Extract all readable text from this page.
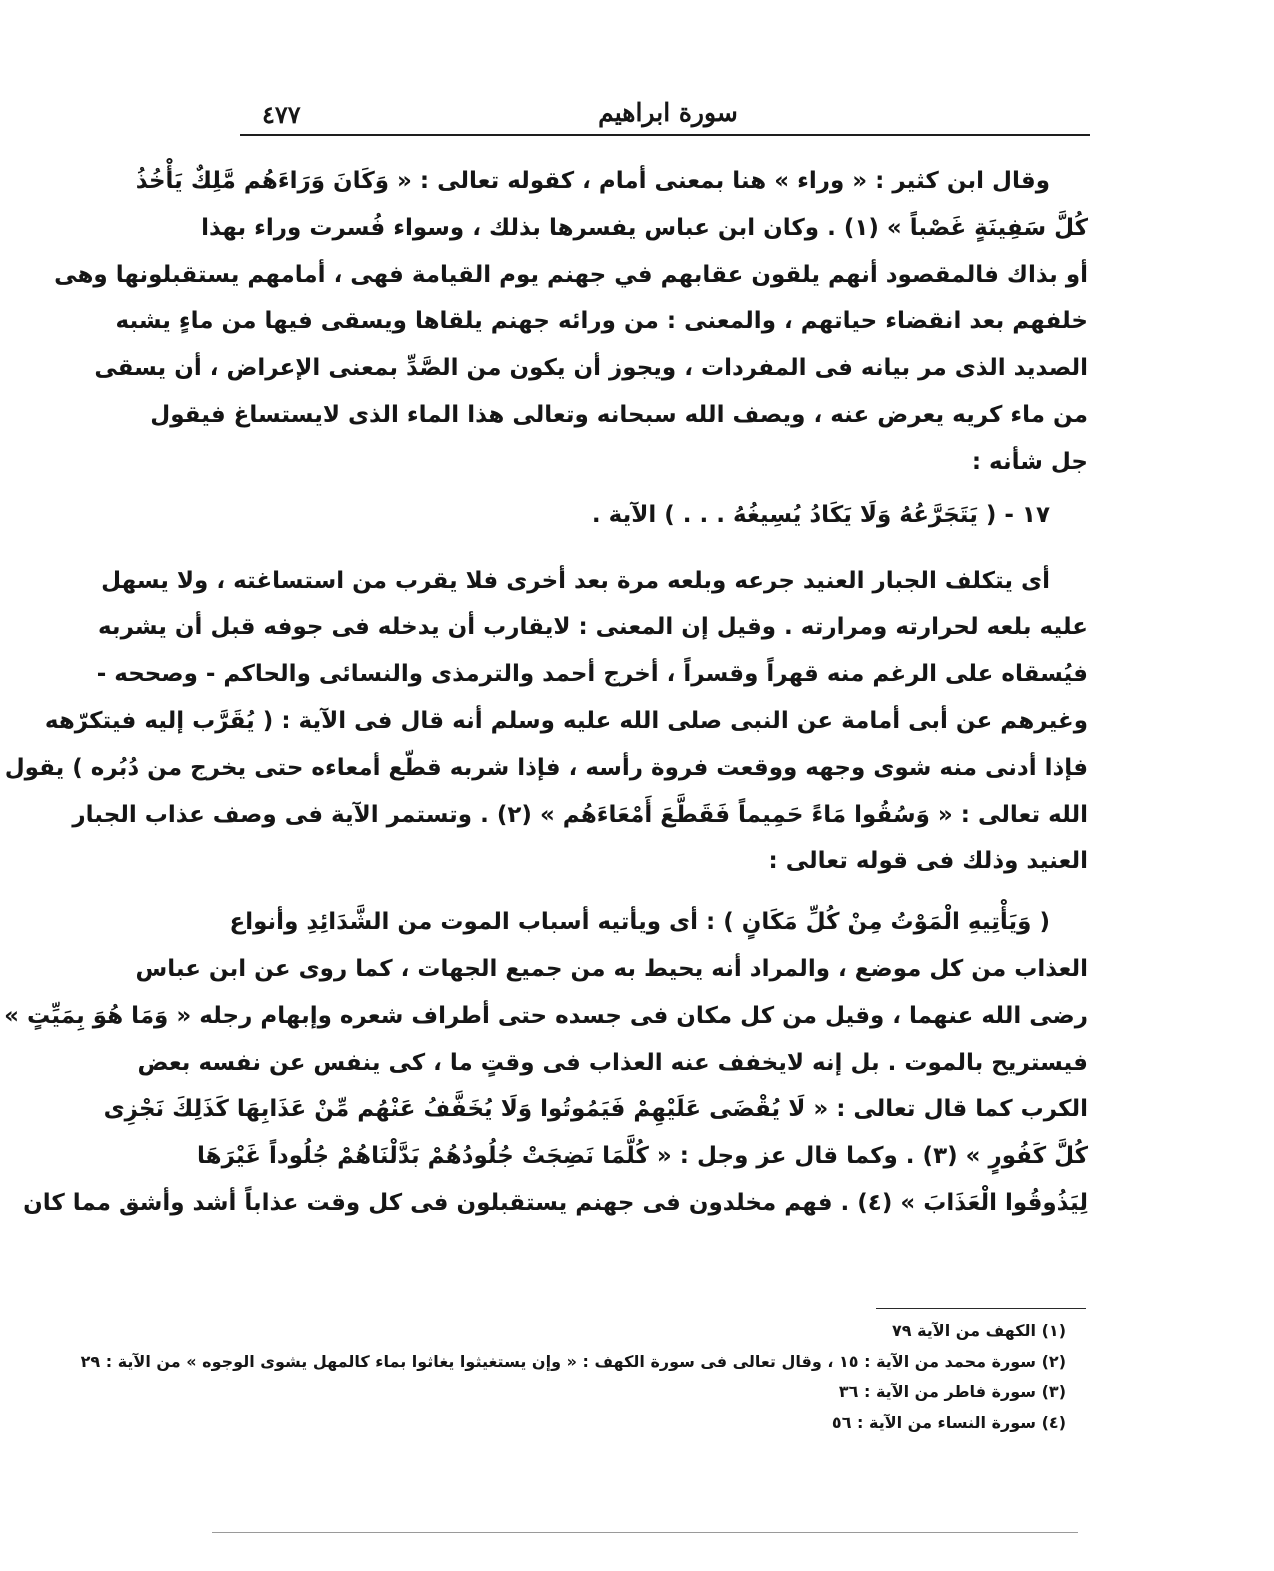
٤٧٧	سورة ابراهيم
وقال ابن كثير : « وراء » هنا بمعنى أمام ، كقوله تعالى : « وَكَانَ وَرَاءَهُم مَّلِكٌ يَأْخُذُ
كُلَّ سَفِينَةٍ غَصْباً » (١) . وكان ابن عباس يفسرها بذلك ، وسواء فُسرت وراء بهذا
أو بذاك فالمقصود أنهم يلقون عقابهم في جهنم يوم القيامة فهى ، أمامهم يستقبلونها وهى
خلفهم بعد انقضاء حياتهم ، والمعنى : من ورائه جهنم يلقاها ويسقى فيها من ماءٍ يشبه
الصديد الذى مر بيانه فى المفردات ، ويجوز أن يكون من الصَّدِّ بمعنى الإعراض ، أن يسقى
من ماء كريه يعرض عنه ، ويصف الله سبحانه وتعالى هذا الماء الذى لايستساغ فيقول
جل شأنه :
١٧ - ( يَتَجَرَّعُهُ وَلَا يَكَادُ يُسِيغُهُ . . . ) الآية .
أى يتكلف الجبار العنيد جرعه وبلعه مرة بعد أخرى فلا يقرب من استساغته ، ولا يسهل
عليه بلعه لحرارته ومرارته . وقيل إن المعنى : لايقارب أن يدخله فى جوفه قبل أن يشربه
فيُسقاه على الرغم منه قهراً وقسراً ، أخرج أحمد والترمذى والنسائى والحاكم - وصححه -
وغيرهم عن أبى أمامة عن النبى صلى الله عليه وسلم أنه قال فى الآية : ( يُقَرَّب إليه فيتكرّهه
فإذا أدنى منه شوى وجهه ووقعت فروة رأسه ، فإذا شربه قطّع أمعاءه حتى يخرج من دُبُره ) يقول
الله تعالى : « وَسُقُوا مَاءً حَمِيماً فَقَطَّعَ أَمْعَاءَهُم » (٢) . وتستمر الآية فى وصف عذاب الجبار
العنيد وذلك فى قوله تعالى :
( وَيَأْتِيهِ الْمَوْتُ مِنْ كُلِّ مَكَانٍ ) : أى ويأتيه أسباب الموت من الشَّدَائِدِ وأنواع
العذاب من كل موضع ، والمراد أنه يحيط به من جميع الجهات ، كما روى عن ابن عباس
رضى الله عنهما ، وقيل من كل مكان فى جسده حتى أطراف شعره وإبهام رجله « وَمَا هُوَ بِمَيِّتٍ »
فيستريح بالموت . بل إنه لايخفف عنه العذاب فى وقتٍ ما ، كى ينفس عن نفسه بعض
الكرب كما قال تعالى : « لَا يُقْضَى عَلَيْهِمْ فَيَمُوتُوا وَلَا يُخَفَّفُ عَنْهُم مِّنْ عَذَابِهَا كَذَلِكَ نَجْزِى
كُلَّ كَفُورٍ » (٣) . وكما قال عز وجل : « كُلَّمَا نَضِجَتْ جُلُودُهُمْ بَدَّلْنَاهُمْ جُلُوداً غَيْرَهَا
لِيَذُوقُوا الْعَذَابَ » (٤) . فهم مخلدون فى جهنم يستقبلون فى كل وقت عذاباً أشد وأشق مما كان
(١) الكهف من الآية ٧٩
(٢) سورة محمد من الآية : ١٥ ، وقال تعالى فى سورة الكهف : « وإن يستغيثوا يغاثوا بماء كالمهل يشوى الوجوه » من الآية : ٢٩
(٣) سورة فاطر من الآية : ٣٦
(٤) سورة النساء من الآية : ٥٦
